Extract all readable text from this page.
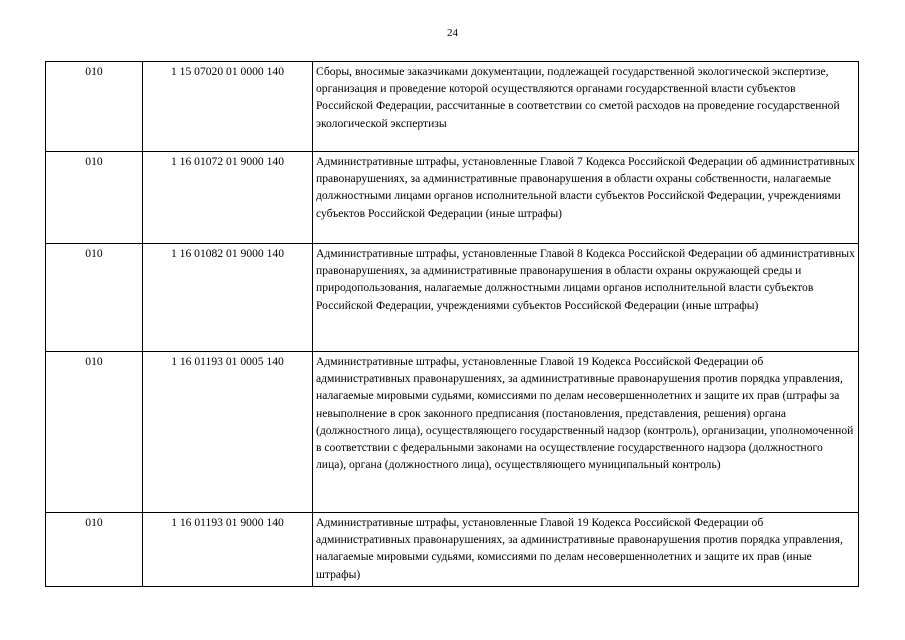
24
010	1 15 07020 01 0000 140	Сборы, вносимые заказчиками документации, подлежащей государственной экологической экспертизе, организация и проведение которой осуществляются органами государственной власти субъектов Российской Федерации, рассчитанные в соответствии со сметой расходов на проведение государственной экологической экспертизы
010	1 16 01072 01 9000 140	Административные штрафы, установленные Главой 7 Кодекса Российской Федерации об административных правонарушениях, за административные правонарушения в области охраны собственности, налагаемые должностными лицами органов исполнительной власти субъектов Российской Федерации, учреждениями субъектов Российской Федерации (иные штрафы)
010	1 16 01082 01 9000 140	Административные штрафы, установленные Главой 8 Кодекса Российской Федерации об административных правонарушениях, за административные правонарушения в области охраны окружающей среды и природопользования, налагаемые должностными лицами органов исполнительной власти субъектов Российской Федерации, учреждениями субъектов Российской Федерации (иные штрафы)
010	1 16 01193 01 0005 140	Административные штрафы, установленные Главой 19 Кодекса Российской Федерации об административных правонарушениях, за административные правонарушения против порядка управления, налагаемые мировыми судьями, комиссиями по делам несовершеннолетних и защите их прав (штрафы за невыполнение в срок законного предписания (постановления, представления, решения) органа (должностного лица), осуществляющего государственный надзор (контроль), организации, уполномоченной в соответствии с федеральными законами на осуществление государственного надзора (должностного лица), органа (должностного лица), осуществляющего муниципальный контроль)
010	1 16 01193 01 9000 140	Административные штрафы, установленные Главой 19 Кодекса Российской Федерации об административных правонарушениях, за административные правонарушения против порядка управления, налагаемые мировыми судьями, комиссиями по делам несовершеннолетних и защите их прав (иные штрафы)
